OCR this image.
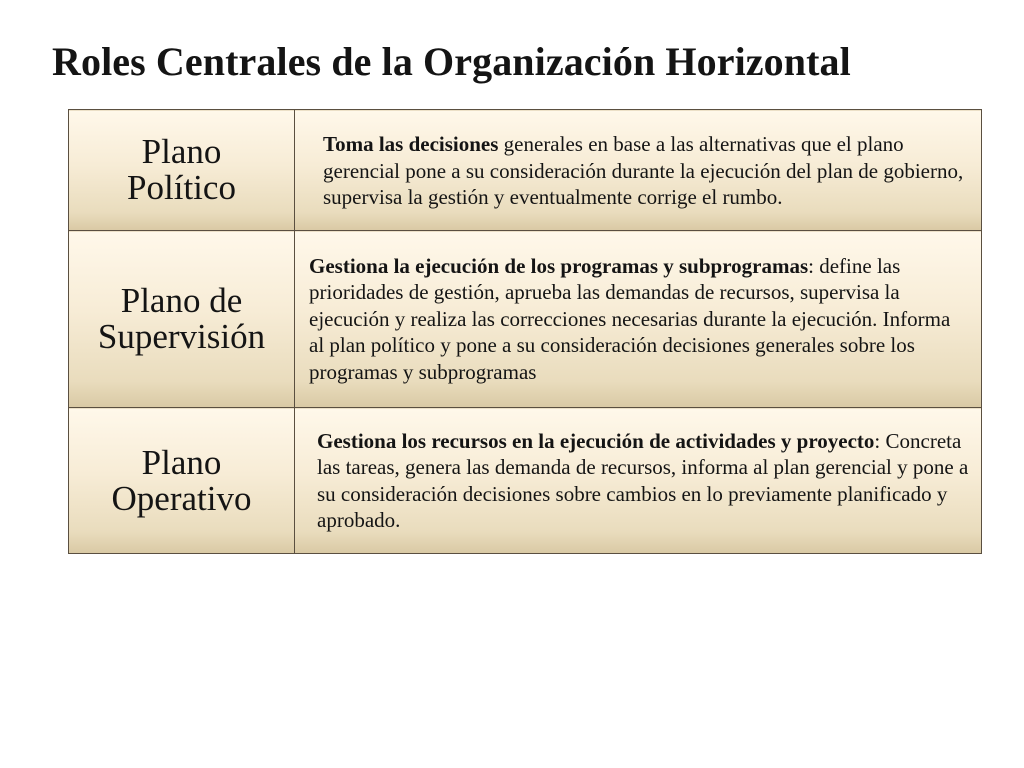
Roles Centrales de la Organización Horizontal
Plano
Político	Toma las decisiones generales en base a las alternativas que el plano gerencial pone a su consideración durante la ejecución del plan de gobierno, supervisa la gestión y eventualmente corrige el rumbo.

Plano de
Supervisión	Gestiona la ejecución de los programas y subprogramas: define las prioridades de gestión, aprueba las demandas de recursos, supervisa la ejecución y realiza las correcciones necesarias durante la ejecución. Informa al plan político y pone a su consideración decisiones generales sobre los programas y subprogramas

Plano
Operativo	Gestiona los recursos en la ejecución de actividades y proyecto: Concreta las tareas, genera las demanda de recursos, informa al plan gerencial y pone a su consideración decisiones sobre cambios en lo previamente planificado y aprobado.
